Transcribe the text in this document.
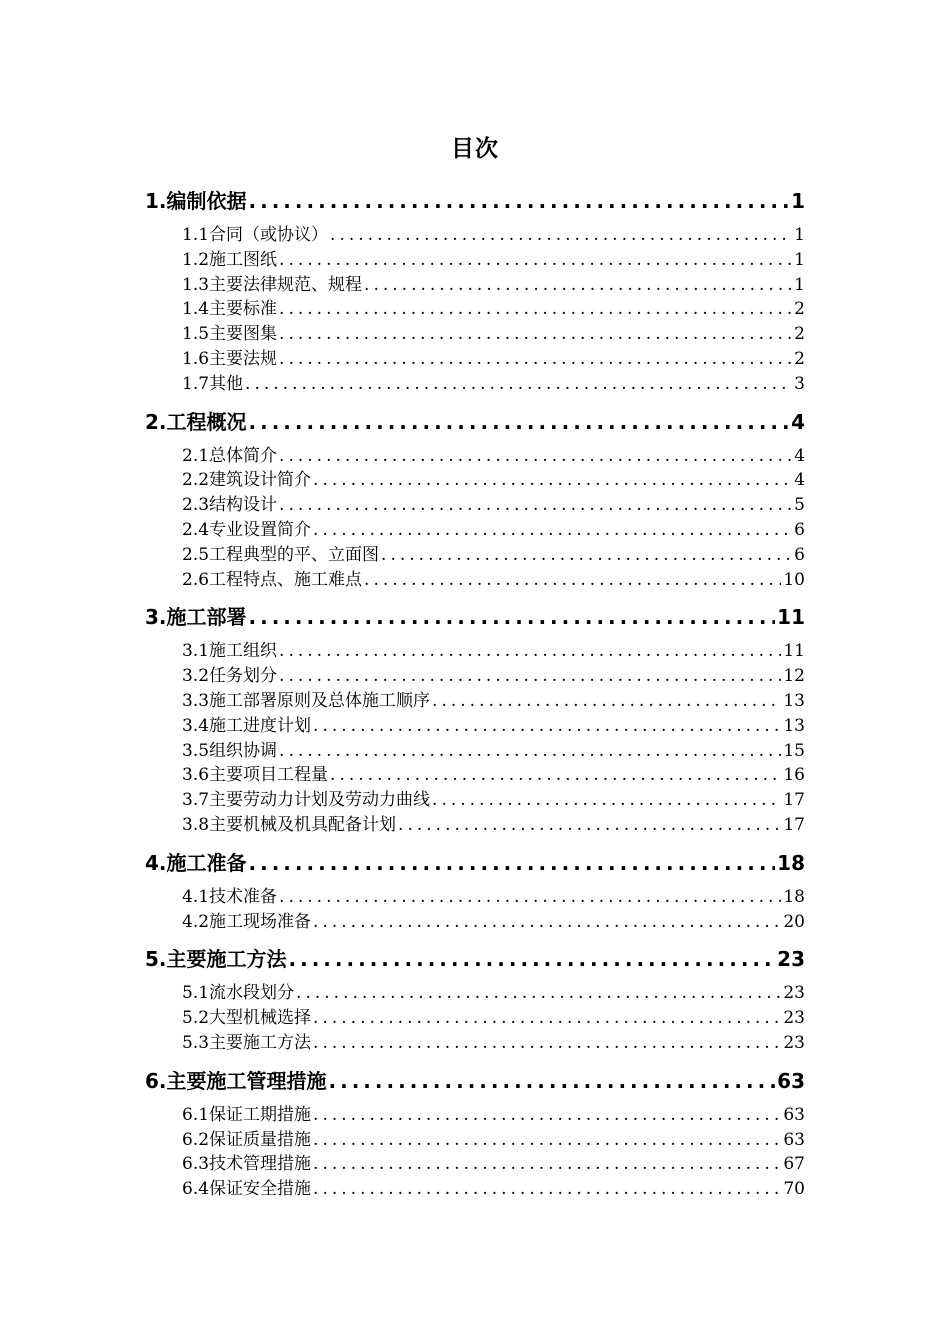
目次
1.编制依据 .....	1
1.1合同（或协议） .....	1
1.2施工图纸 .....	1
1.3主要法律规范、规程 .....	1
1.4主要标准 .....	2
1.5主要图集 .....	2
1.6主要法规 .....	2
1.7其他 .....	3
2.工程概况 .....	4
2.1总体简介 .....	4
2.2建筑设计简介 .....	4
2.3结构设计 .....	5
2.4专业设置简介 .....	6
2.5工程典型的平、立面图 .....	6
2.6工程特点、施工难点 .....	10
3.施工部署 .....	11
3.1施工组织 .....	11
3.2任务划分 .....	12
3.3施工部署原则及总体施工顺序 .....	13
3.4施工进度计划 .....	13
3.5组织协调 .....	15
3.6主要项目工程量 .....	16
3.7主要劳动力计划及劳动力曲线 .....	17
3.8主要机械及机具配备计划 .....	17
4.施工准备 .....	18
4.1技术准备 .....	18
4.2施工现场准备 .....	20
5.主要施工方法 .....	23
5.1流水段划分 .....	23
5.2大型机械选择 .....	23
5.3主要施工方法 .....	23
6.主要施工管理措施 .....	63
6.1保证工期措施 .....	63
6.2保证质量措施 .....	63
6.3技术管理措施 .....	67
6.4保证安全措施 .....	70
